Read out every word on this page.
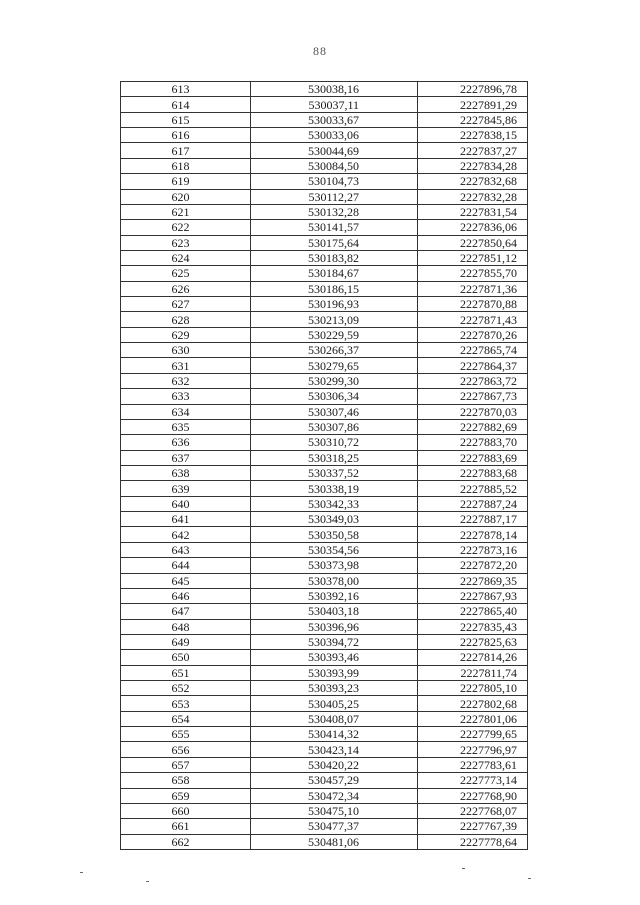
88
613	530038,16	2227896,78
614	530037,11	2227891,29
615	530033,67	2227845,86
616	530033,06	2227838,15
617	530044,69	2227837,27
618	530084,50	2227834,28
619	530104,73	2227832,68
620	530112,27	2227832,28
621	530132,28	2227831,54
622	530141,57	2227836,06
623	530175,64	2227850,64
624	530183,82	2227851,12
625	530184,67	2227855,70
626	530186,15	2227871,36
627	530196,93	2227870,88
628	530213,09	2227871,43
629	530229,59	2227870,26
630	530266,37	2227865,74
631	530279,65	2227864,37
632	530299,30	2227863,72
633	530306,34	2227867,73
634	530307,46	2227870,03
635	530307,86	2227882,69
636	530310,72	2227883,70
637	530318,25	2227883,69
638	530337,52	2227883,68
639	530338,19	2227885,52
640	530342,33	2227887,24
641	530349,03	2227887,17
642	530350,58	2227878,14
643	530354,56	2227873,16
644	530373,98	2227872,20
645	530378,00	2227869,35
646	530392,16	2227867,93
647	530403,18	2227865,40
648	530396,96	2227835,43
649	530394,72	2227825,63
650	530393,46	2227814,26
651	530393,99	2227811,74
652	530393,23	2227805,10
653	530405,25	2227802,68
654	530408,07	2227801,06
655	530414,32	2227799,65
656	530423,14	2227796,97
657	530420,22	2227783,61
658	530457,29	2227773,14
659	530472,34	2227768,90
660	530475,10	2227768,07
661	530477,37	2227767,39
662	530481,06	2227778,64
